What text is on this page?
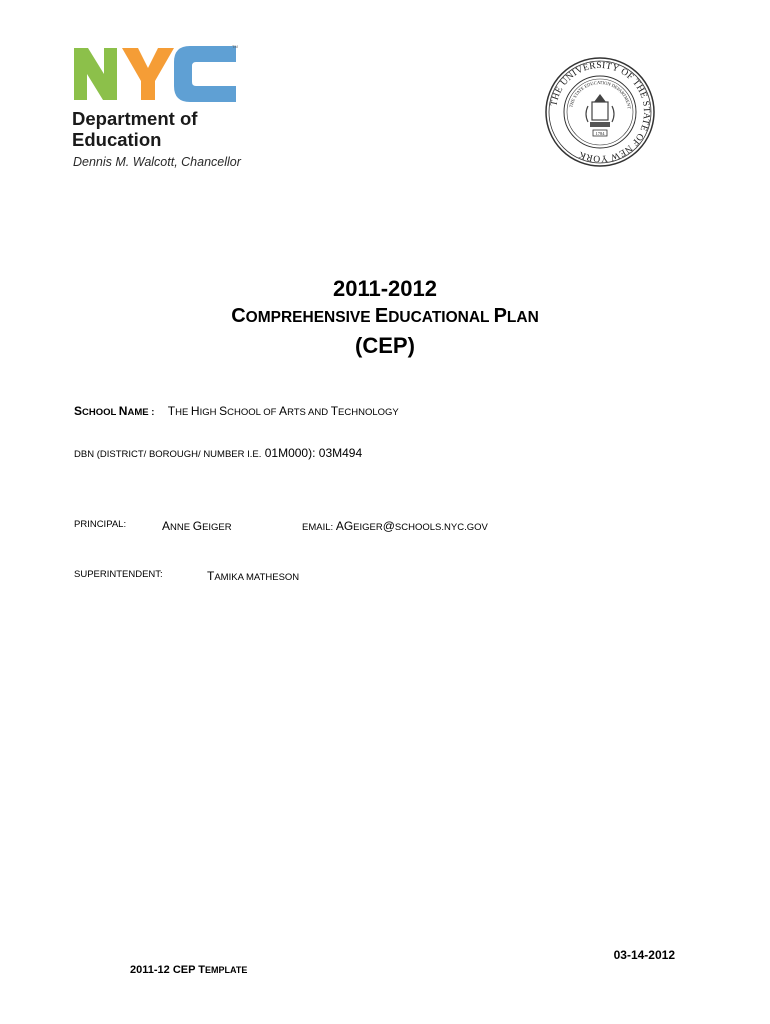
TM
Department of
Education
Dennis M. Walcott, Chancellor
1784
THE UNIVERSITY OF THE STATE OF NEW YORK
THE STATE EDUCATION DEPARTMENT
2011-2012
COMPREHENSIVE EDUCATIONAL PLAN
(CEP)
SCHOOL NAME : THE HIGH SCHOOL OF ARTS AND TECHNOLOGY
DBN (DISTRICT/ BOROUGH/ NUMBER I.E. 01M000): 03M494
PRINCIPAL:	ANNE GEIGER	EMAIL: AGEIGER@SCHOOLS.NYC.GOV
SUPERINTENDENT:	TAMIKA MATHESON
03-14-2012
2011-12 CEP TEMPLATE
